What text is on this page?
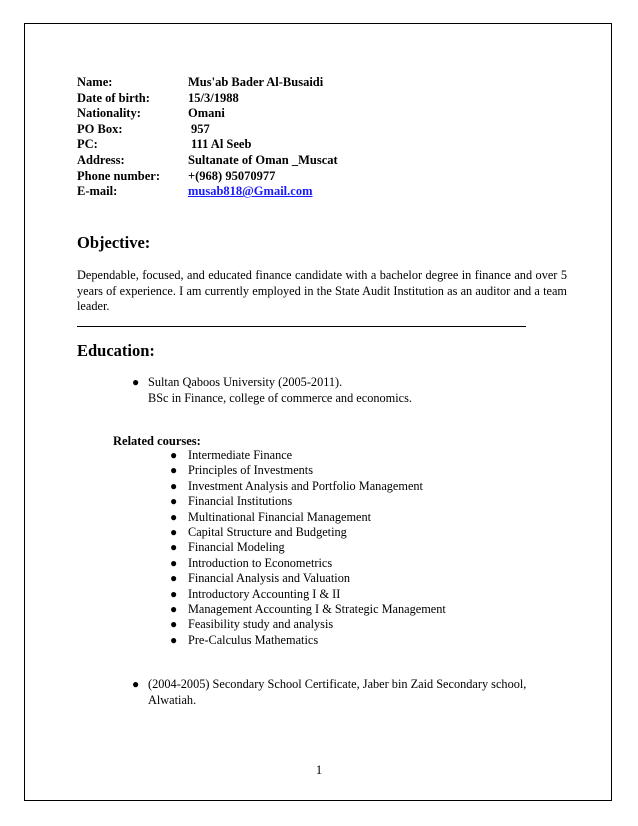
Name:	Mus'ab Bader Al-Busaidi
Date of birth:	15/3/1988
Nationality:	Omani
PO Box:	957
PC:	111 Al Seeb
Address:	Sultanate of Oman _Muscat
Phone number:	+(968) 95070977
E-mail:	musab818@Gmail.com
Objective:
Dependable, focused, and educated finance candidate with a bachelor degree in finance and over 5 years of experience. I am currently employed in the State Audit Institution as an auditor and a team leader.
Education:
● Sultan Qaboos University (2005-2011).
BSc in Finance, college of commerce and economics.
Related courses:
● Intermediate Finance
● Principles of Investments
● Investment Analysis and Portfolio Management
● Financial Institutions
● Multinational Financial Management
● Capital Structure and Budgeting
● Financial Modeling
● Introduction to Econometrics
● Financial Analysis and Valuation
● Introductory Accounting I & II
● Management Accounting I & Strategic Management
● Feasibility study and analysis
● Pre-Calculus Mathematics
● (2004-2005) Secondary School Certificate, Jaber bin Zaid Secondary school,
Alwatiah.
1
